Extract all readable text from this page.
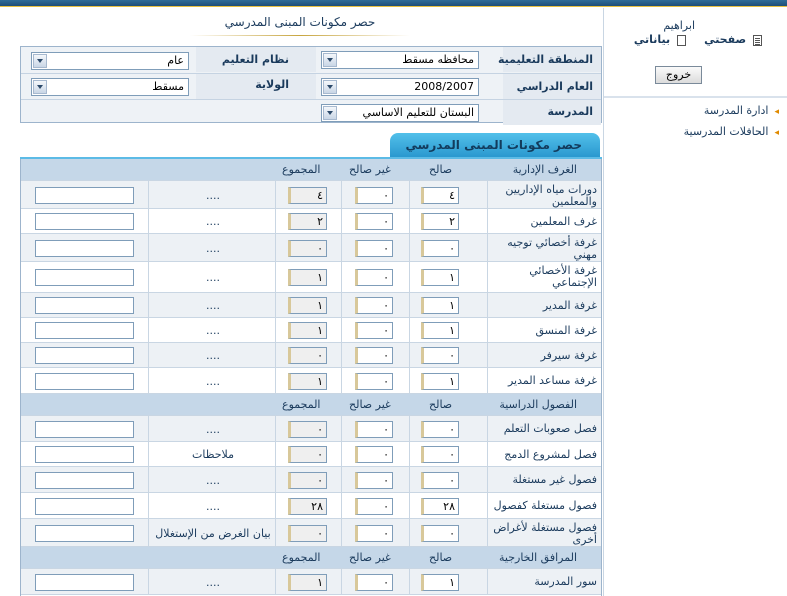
ابراهيم
صفحتي
بياناتي
خروج
◂ادارة المدرسة
◂الحافلات المدرسية
حصر مكونات المبنى المدرسي
المنطقة التعليمية
محافظه مسقط
نظام التعليم
عام
العام الدراسي
2008/2007
الولاية
مسقط
المدرسة
البستان للتعليم الاساسي
حصر مكونات المبنى المدرسي
الغرف الإدارية
صالح
غير صالح
المجموع
دورات مياه الإداريين والمعلمين
٤
٠
٤
....
غرف المعلمين
٢
٠
٢
....
غرفة أخصائي توجيه مهني
٠
٠
٠
....
غرفة الأخصائي الإجتماعي
١
٠
١
....
غرفة المدير
١
٠
١
....
غرفة المنسق
١
٠
١
....
غرفة سيرفر
٠
٠
٠
....
غرفة مساعد المدير
١
٠
١
....
الفصول الدراسية
صالح
غير صالح
المجموع
فصل صعوبات التعلم
٠
٠
٠
....
فصل لمشروع الدمج
٠
٠
٠
ملاحظات
فصول غير مستغلة
٠
٠
٠
....
فصول مستغلة كفصول
٢٨
٠
٢٨
....
فصول مستغلة لأغراض أخرى
٠
٠
٠
بيان الغرض من الإستغلال
المرافق الخارجية
صالح
غير صالح
المجموع
سور المدرسة
١
٠
١
....
